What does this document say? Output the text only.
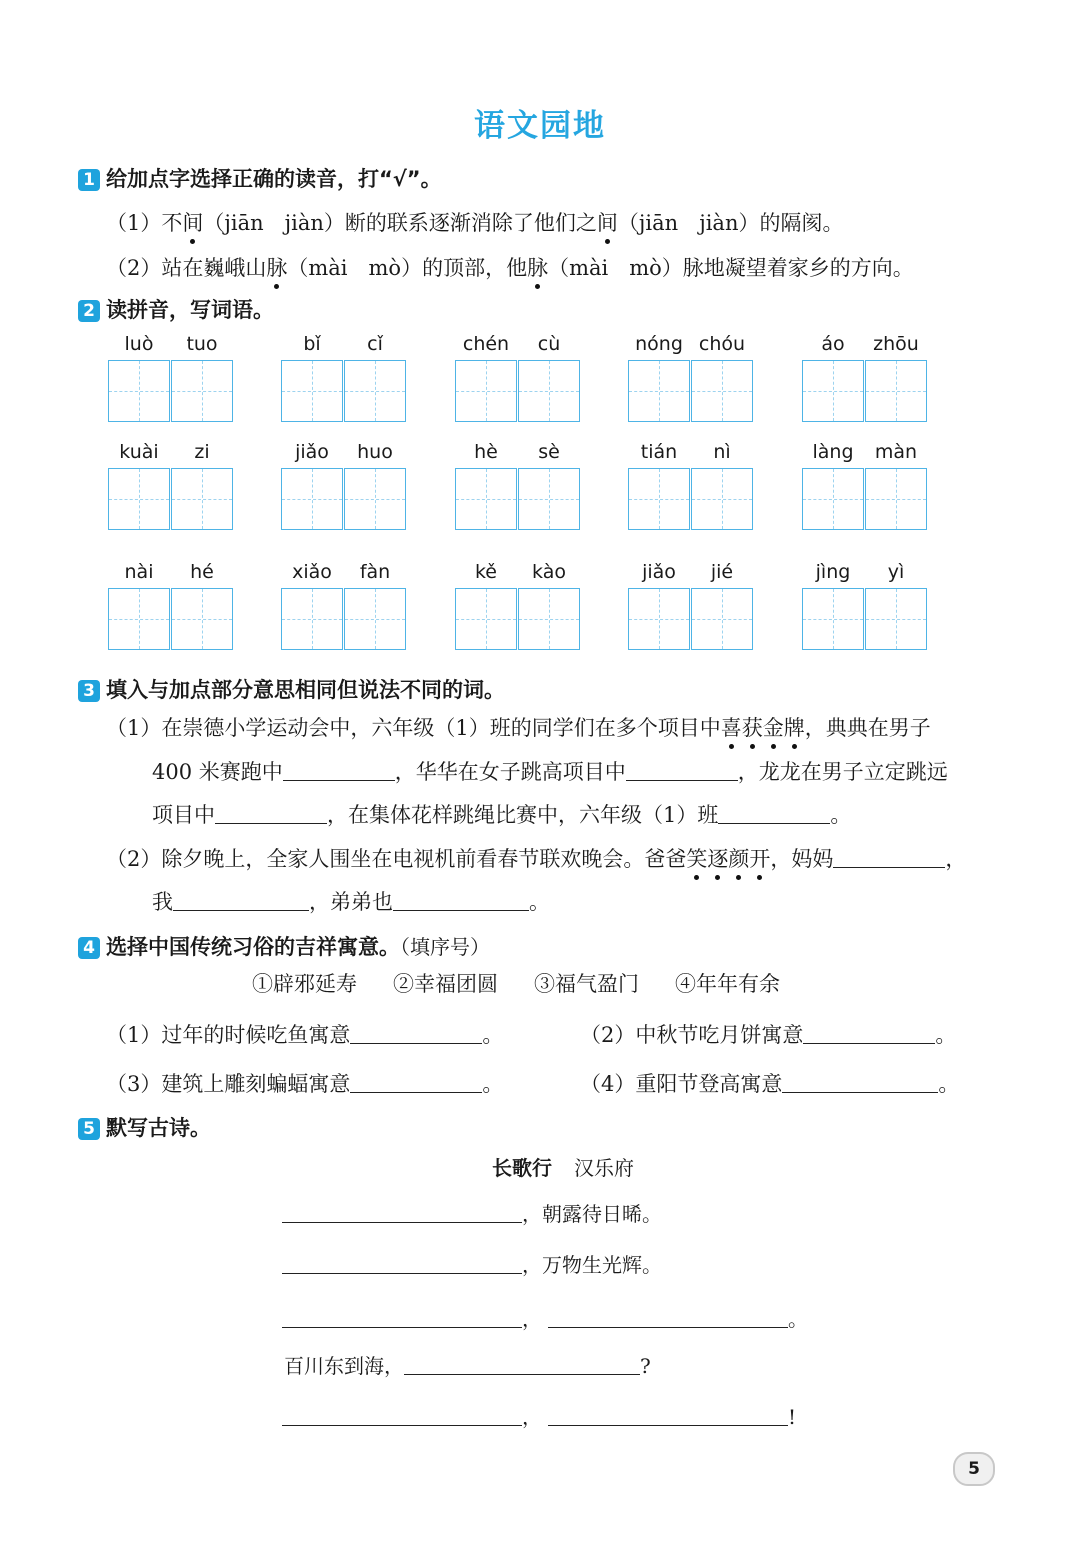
语文园地
1 给加点字选择正确的读音，打“√”。
（1）不间（jiān　jiàn）断的联系逐渐消除了他们之间（jiān　jiàn）的隔阂。
（2）站在巍峨山脉（mài　mò）的顶部，他脉（mài　mò）脉地凝望着家乡的方向。
2 读拼音，写词语。
luò	tuo	bǐ	cǐ	chén	cù	nóng chóu	áo	zhōu
kuài	zi	jiǎo	huo	hè	sè	tián	nì	làng	màn
nài	hé	xiǎo	fàn	kě	kào	jiǎo	jié	jìng	yì
3 填入与加点部分意思相同但说法不同的词。
（1）在崇德小学运动会中，六年级（1）班的同学们在多个项目中喜获金牌，典典在男子
400 米赛跑中	，华华在女子跳高项目中	，龙龙在男子立定跳远
项目中	，在集体花样跳绳比赛中，六年级（1）班	。
（2）除夕晚上，全家人围坐在电视机前看春节联欢晚会。爸爸笑逐颜开，妈妈	，
我	，弟弟也	。
4 选择中国传统习俗的吉祥寓意。（填序号）
①辟邪延寿 ②幸福团圆 ③福气盈门 ④年年有余
（1）过年的时候吃鱼寓意	。	（2）中秋节吃月饼寓意	。
（3）建筑上雕刻蝙蝠寓意	。	（4）重阳节登高寓意	。
5 默写古诗。
长歌行 汉乐府
，朝露待日晞。
，万物生光辉。
，	。
百川东到海，	?
，	!
5
